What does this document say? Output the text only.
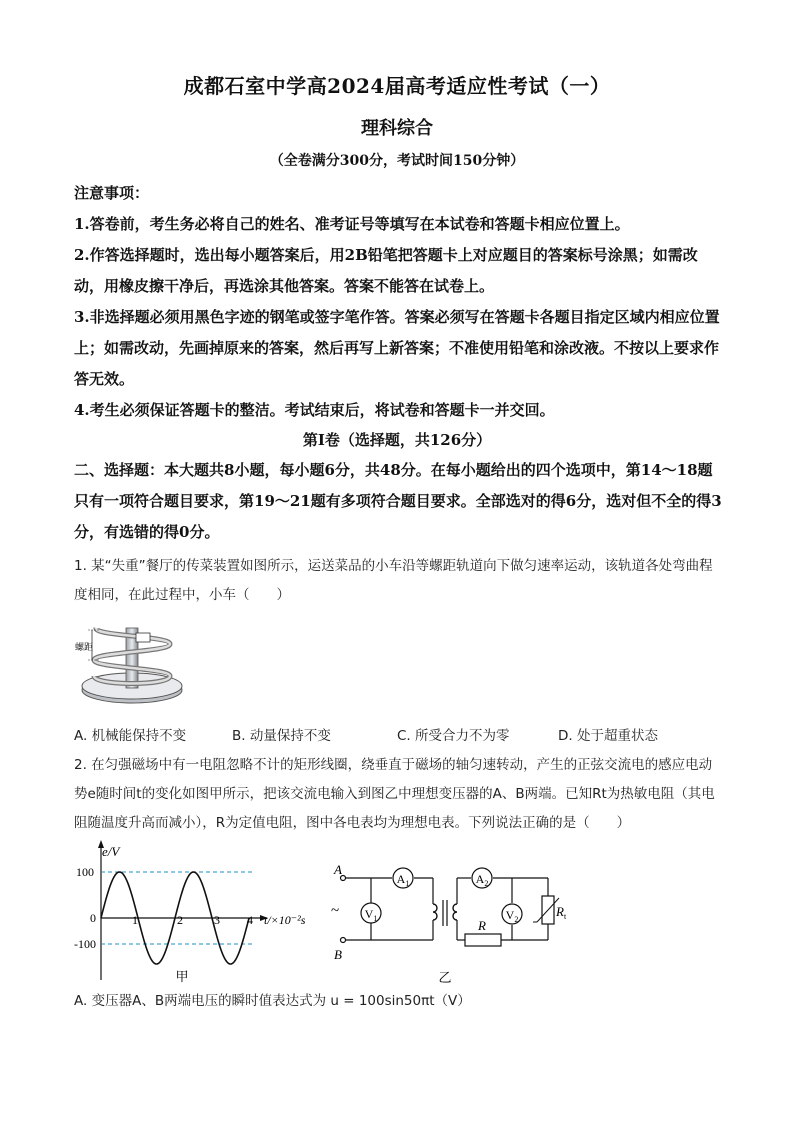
成都石室中学高2024届高考适应性考试（一）
理科综合
（全卷满分300分，考试时间150分钟）
注意事项：
1.答卷前，考生务必将自己的姓名、准考证号等填写在本试卷和答题卡相应位置上。
2.作答选择题时，选出每小题答案后，用2B铅笔把答题卡上对应题目的答案标号涂黑；如需改动，用橡皮擦干净后，再选涂其他答案。答案不能答在试卷上。
3.非选择题必须用黑色字迹的钢笔或签字笔作答。答案必须写在答题卡各题目指定区域内相应位置上；如需改动，先画掉原来的答案，然后再写上新答案；不准使用铅笔和涂改液。不按以上要求作答无效。
4.考生必须保证答题卡的整洁。考试结束后，将试卷和答题卡一并交回。
第Ⅰ卷（选择题，共126分）
二、选择题：本大题共8小题，每小题6分，共48分。在每小题给出的四个选项中，第14～18题只有一项符合题目要求，第19～21题有多项符合题目要求。全部选对的得6分，选对但不全的得3分，有选错的得0分。
1. 某“失重”餐厅的传菜装置如图所示，运送菜品的小车沿等螺距轨道向下做匀速率运动，该轨道各处弯曲程度相同，在此过程中，小车（　　）
螺距
A. 机械能保持不变	B. 动量保持不变	C. 所受合力不为零	D. 处于超重状态
2. 在匀强磁场中有一电阻忽略不计的矩形线圈，绕垂直于磁场的轴匀速转动，产生的正弦交流电的感应电动势e随时间t的变化如图甲所示，把该交流电输入到图乙中理想变压器的A、B两端。已知Rt为热敏电阻（其电阻随温度升高而减小），R为定值电阻，图中各电表均为理想电表。下列说法正确的是（　　）
e/V
100
0
-100
1	2	3 4 t/×10⁻²s
甲
A
B
~
$A_1$
$V_1$
$A_2$
$V_2$
R
$R_t$
乙
A. 变压器A、B两端电压的瞬时值表达式为 u = 100sin50πt（V）
